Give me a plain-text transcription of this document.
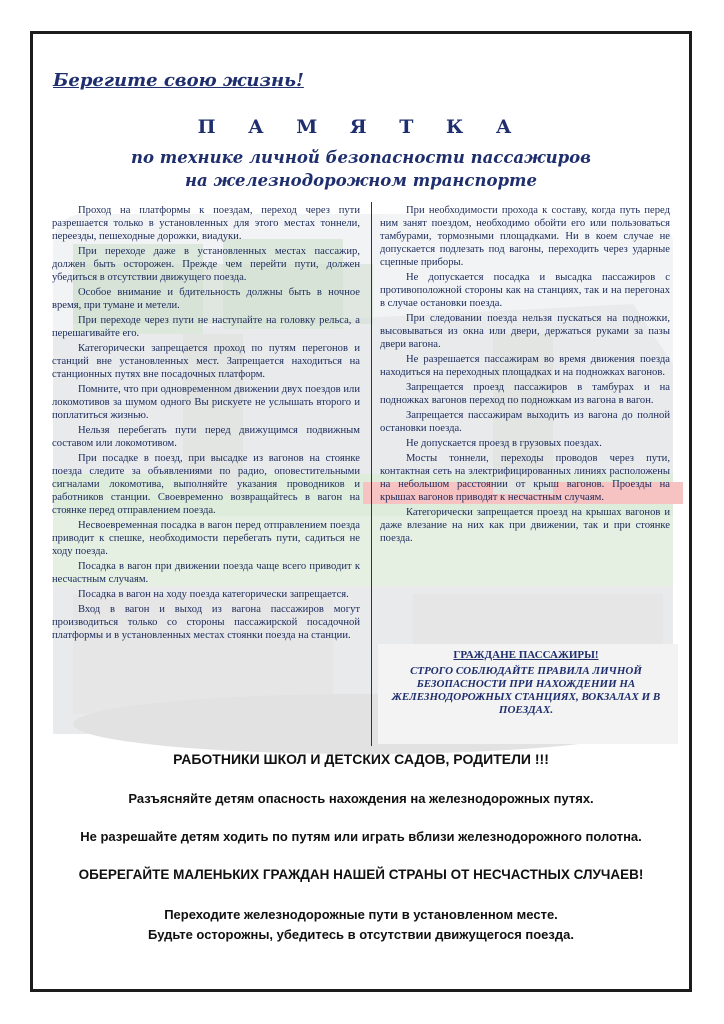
Берегите свою жизнь!
П А М Я Т К А
по технике личной безопасности пассажиров
на железнодорожном транспорте

Проход на платформы к поездам, переход через пути разрешается только в установленных для этого местах тоннели, переезды, пешеходные дорожки, виадуки.

При переходе даже в установленных местах пассажир, должен быть осторожен. Прежде чем перейти пути, должен убедиться в отсутствии движущего поезда.

Особое внимание и бдительность должны быть в ночное время, при тумане и метели.

При переходе через пути не наступайте на головку рельса, а перешагивайте его.

Категорически запрещается проход по путям перегонов и станций вне установленных мест. Запрещается находиться на станционных путях вне посадочных платформ.

Помните, что при одновременном движении двух поездов или локомотивов за шумом одного Вы рискуете не услышать второго и поплатиться жизнью.

Нельзя перебегать пути перед движущимся подвижным составом или локомотивом.

При посадке в поезд, при высадке из вагонов на стоянке поезда следите за объявлениями по радио, оповестительными сигналами локомотива, выполняйте указания проводников и работников станции. Своевременно возвращайтесь в вагон на стоянке перед отправлением поезда.

Несвоевременная посадка в вагон перед отправлением поезда приводит к спешке, необходимости перебегать пути, садиться не ходу поезда.

Посадка в вагон при движении поезда чаще всего приводит к несчастным случаям.

Посадка в вагон на ходу поезда категорически запрещается.

Вход в вагон и выход из вагона пассажиров могут производиться только со стороны пассажирской посадочной платформы и в установленных местах стоянки поезда на станции.

При необходимости прохода к составу, когда путь перед ним занят поездом, необходимо обойти его или пользоваться тамбурами, тормозными площадками. Ни в коем случае не допускается подлезать под вагоны, переходить через ударные сцепные приборы.

Не допускается посадка и высадка пассажиров с противоположной стороны как на станциях, так и на перегонах в случае остановки поезда.

При следовании поезда нельзя пускаться на подножки, высовываться из окна или двери, держаться руками за пазы двери вагона.

Не разрешается пассажирам во время движения поезда находиться на переходных площадках и на подножках вагонов.

Запрещается проезд пассажиров в тамбурах и на подножках вагонов переход по подножкам из вагона в вагон.

Запрещается пассажирам выходить из вагона до полной остановки поезда.

Не допускается проезд в грузовых поездах.

Мосты тоннели, переходы проводов через пути, контактная сеть на электрифицированных линиях расположены на небольшом расстоянии от крыш вагонов. Проезды на крышах вагонов приводят к несчастным случаям.

Категорически запрещается проезд на крышах вагонов и даже влезание на них как при движении, так и при стоянке поезда.

ГРАЖДАНЕ ПАССАЖИРЫ!
СТРОГО СОБЛЮДАЙТЕ ПРАВИЛА ЛИЧНОЙ БЕЗОПАСНОСТИ ПРИ НАХОЖДЕНИИ НА ЖЕЛЕЗНОДОРОЖНЫХ СТАНЦИЯХ, ВОКЗАЛАХ И В ПОЕЗДАХ.
РАБОТНИКИ ШКОЛ И ДЕТСКИХ САДОВ, РОДИТЕЛИ !!!
Разъясняйте детям опасность нахождения на железнодорожных путях.
Не разрешайте детям ходить по путям или играть вблизи железнодорожного полотна.
ОБЕРЕГАЙТЕ МАЛЕНЬКИХ ГРАЖДАН НАШЕЙ СТРАНЫ ОТ НЕСЧАСТНЫХ СЛУЧАЕВ!
Переходите железнодорожные пути в установленном месте.
Будьте осторожны, убедитесь в отсутствии движущегося поезда.
